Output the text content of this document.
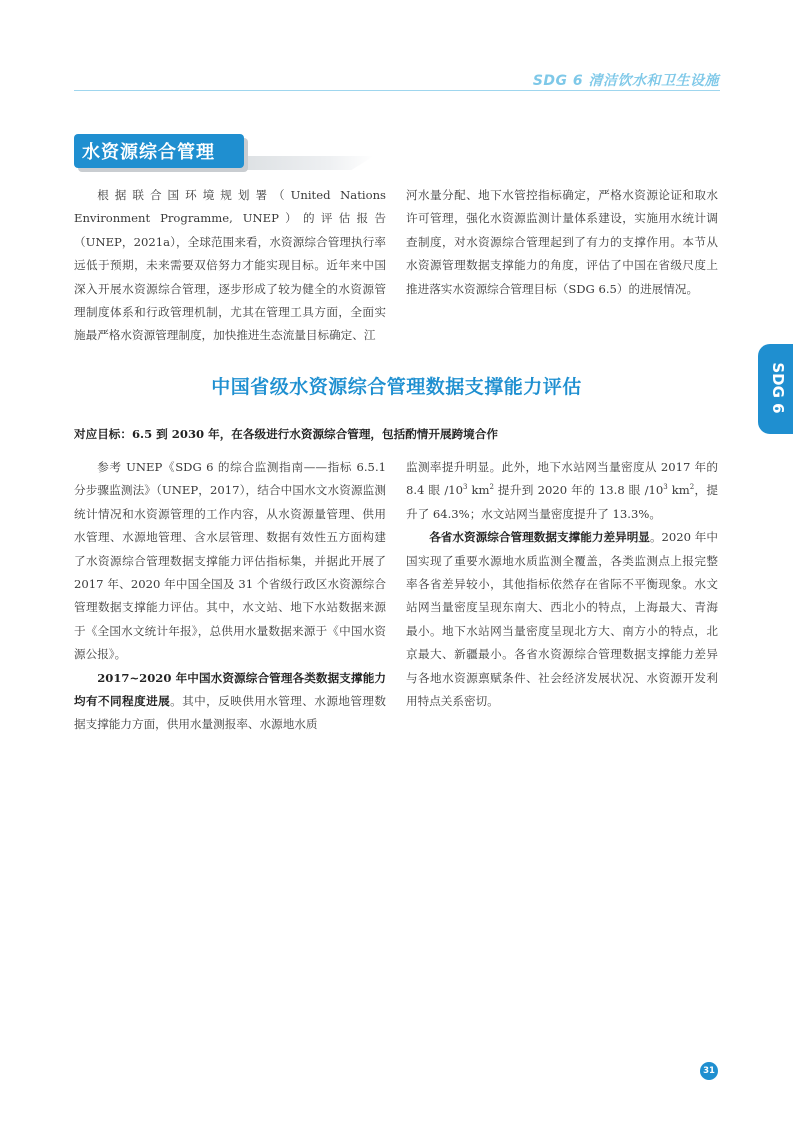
SDG 6 清洁饮水和卫生设施
水资源综合管理

根据联合国环境规划署（United Nations Environment Programme, UNEP）的评估报告（UNEP，2021a），全球范围来看，水资源综合管理执行率远低于预期，未来需要双倍努力才能实现目标。近年来中国深入开展水资源综合管理，逐步形成了较为健全的水资源管理制度体系和行政管理机制，尤其在管理工具方面，全面实施最严格水资源管理制度，加快推进生态流量目标确定、江

河水量分配、地下水管控指标确定，严格水资源论证和取水许可管理，强化水资源监测计量体系建设，实施用水统计调查制度，对水资源综合管理起到了有力的支撑作用。本节从水资源管理数据支撑能力的角度，评估了中国在省级尺度上推进落实水资源综合管理目标（SDG 6.5）的进展情况。

中国省级水资源综合管理数据支撑能力评估
对应目标：6.5 到 2030 年，在各级进行水资源综合管理，包括酌情开展跨境合作

参考 UNEP《SDG 6 的综合监测指南——指标 6.5.1 分步骤监测法》（UNEP，2017），结合中国水文水资源监测统计情况和水资源管理的工作内容，从水资源量管理、供用水管理、水源地管理、含水层管理、数据有效性五方面构建了水资源综合管理数据支撑能力评估指标集，并据此开展了 2017 年、2020 年中国全国及 31 个省级行政区水资源综合管理数据支撑能力评估。其中，水文站、地下水站数据来源于《全国水文统计年报》，总供用水量数据来源于《中国水资源公报》。

2017~2020 年中国水资源综合管理各类数据支撑能力均有不同程度进展。其中，反映供用水管理、水源地管理数据支撑能力方面，供用水量测报率、水源地水质

监测率提升明显。此外，地下水站网当量密度从 2017 年的 8.4 眼 $/10^3$ $km^2$ 提升到 2020 年的 13.8 眼 $/10^3$ $km^2$，提升了 64.3%；水文站网当量密度提升了 13.3%。

各省水资源综合管理数据支撑能力差异明显。2020 年中国实现了重要水源地水质监测全覆盖，各类监测点上报完整率各省差异较小，其他指标依然存在省际不平衡现象。水文站网当量密度呈现东南大、西北小的特点，上海最大、青海最小。地下水站网当量密度呈现北方大、南方小的特点，北京最大、新疆最小。各省水资源综合管理数据支撑能力差异与各地水资源禀赋条件、社会经济发展状况、水资源开发利用特点关系密切。

SDG 6
31
